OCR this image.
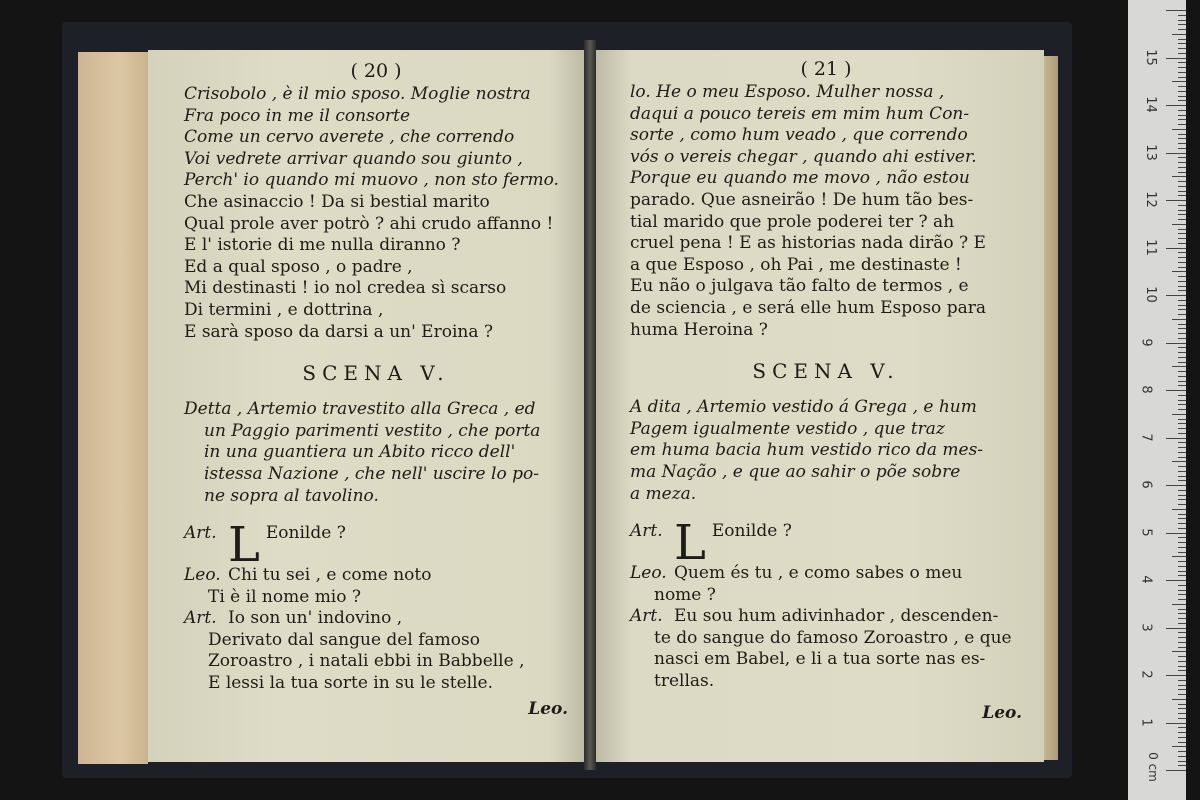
( 20 )
Crisobolo , è il mio sposo. Moglie nostra
Fra poco in me il consorte
Come un cervo averete , che correndo
Voi vedrete arrivar quando sou giunto ,
Perch' io quando mi muovo , non sto fermo.
Che asinaccio ! Da si bestial marito
Qual prole aver potrò ? ahi crudo affanno !
E l' istorie di me nulla diranno ?
Ed a qual sposo , o padre ,
Mi destinasti ! io nol credea sì scarso
Di termini , e dottrina ,
E sarà sposo da darsi a un' Eroina ?
SCENA V.
Detta , Artemio travestito alla Greca , ed
un Paggio parimenti vestito , che porta
in una guantiera un Abito ricco dell'
istessa Nazione , che nell' uscire lo po-
ne sopra al tavolino.
Art. L Eonilde ?
Leo. Chi tu sei , e come noto
Ti è il nome mio ?
Art. Io son un' indovino ,
Derivato dal sangue del famoso
Zoroastro , i natali ebbi in Babbelle ,
E lessi la tua sorte in su le stelle.
Leo.
( 21 )
lo. He o meu Esposo. Mulher nossa ,
daqui a pouco tereis em mim hum Con-
sorte , como hum veado , que correndo
vós o vereis chegar , quando ahi estiver.
Porque eu quando me movo , não estou
parado. Que asneirão ! De hum tão bes-
tial marido que prole poderei ter ? ah
cruel pena ! E as historias nada dirão ? E
a que Esposo , oh Pai , me destinaste !
Eu não o julgava tão falto de termos , e
de sciencia , e será elle hum Esposo para
huma Heroina ?
SCENA V.
A dita , Artemio vestido á Grega , e hum
Pagem igualmente vestido , que traz
em huma bacia hum vestido rico da mes-
ma Nação , e que ao sahir o põe sobre
a meza.
Art. L Eonilde ?
Leo. Quem és tu , e como sabes o meu
nome ?
Art. Eu sou hum adivinhador , descenden-
te do sangue do famoso Zoroastro , e que
nasci em Babel, e li a tua sorte nas es-
trellas.
Leo.	1
2
3
4
5
6
7
8
9
10
11
12
13
14
15
0 cm
